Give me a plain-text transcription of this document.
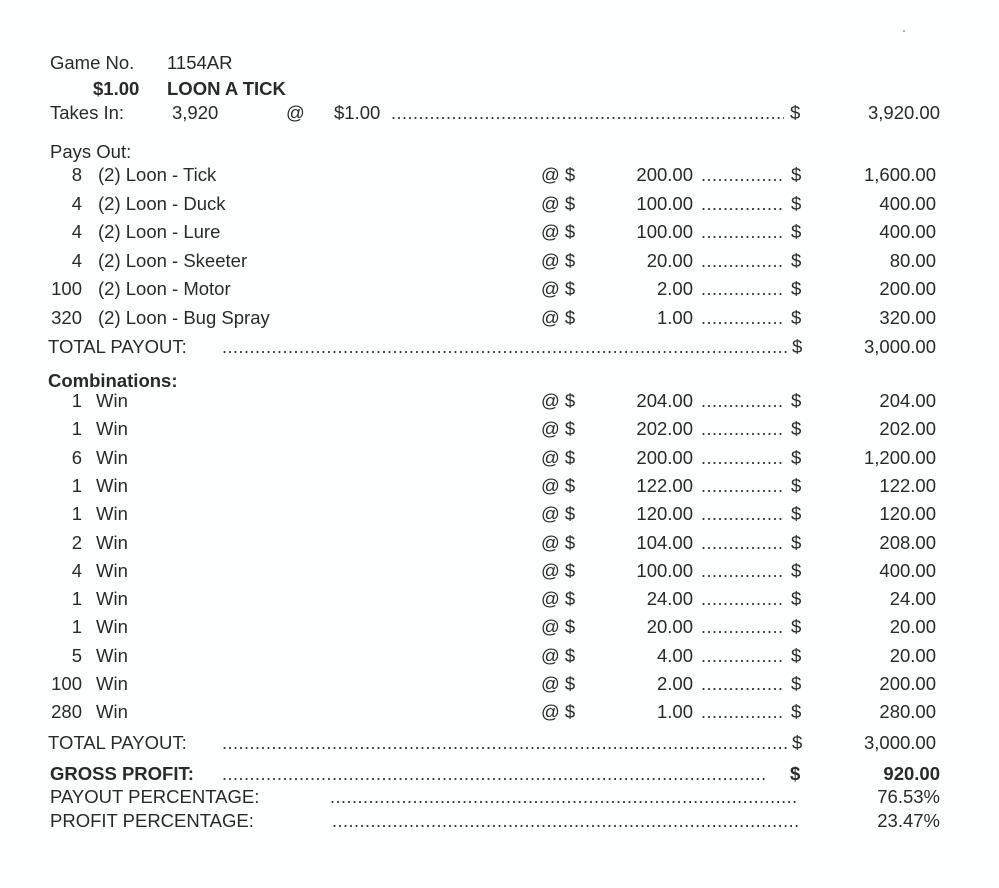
Game No. 1154AR
$1.00 LOON A TICK
Takes In:	3,920	@ $1.00 .....	$	3,920.00
Pays Out:
8 (2) Loon - Tick	@ $	200.00 .....	$	1,600.00
4 (2) Loon - Duck	@ $	100.00 .....	$	400.00
4 (2) Loon - Lure	@ $	100.00 .....	$	400.00
4 (2) Loon - Skeeter	@ $	20.00 .....	$	80.00
100 (2) Loon - Motor	@ $	2.00 .....	$	200.00
320 (2) Loon - Bug Spray	@ $	1.00 .....	$	320.00
TOTAL PAYOUT: .....	$	3,000.00
Combinations:
1 Win	@ $	204.00 .....	$	204.00
1 Win	@ $	202.00 .....	$	202.00
6 Win	@ $	200.00 .....	$	1,200.00
1 Win	@ $	122.00 .....	$	122.00
1 Win	@ $	120.00 .....	$	120.00
2 Win	@ $	104.00 .....	$	208.00
4 Win	@ $	100.00 .....	$	400.00
1 Win	@ $	24.00 .....	$	24.00
1 Win	@ $	20.00 .....	$	20.00
5 Win	@ $	4.00 .....	$	20.00
100 Win	@ $	2.00 .....	$	200.00
280 Win	@ $	1.00 .....	$	280.00
TOTAL PAYOUT: .....	$	3,000.00
GROSS PROFIT: .....	$	920.00
PAYOUT PERCENTAGE: .....	76.53%
PROFIT PERCENTAGE: .....	23.47%
